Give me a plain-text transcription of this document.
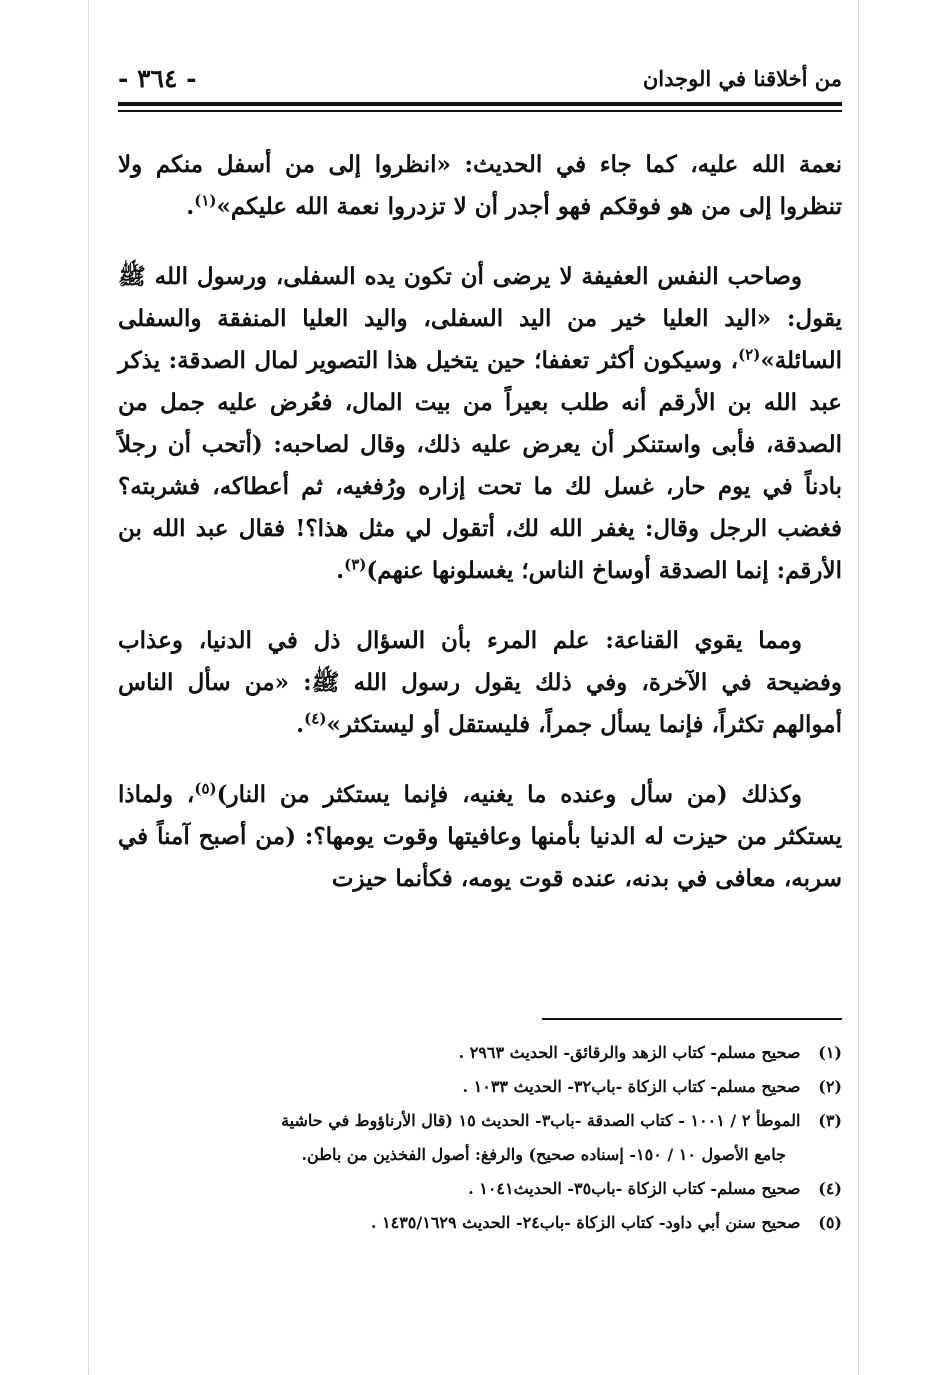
من أخلاقنا في الوجدان
- ٣٦٤ -

نعمة الله عليه، كما جاء في الحديث: «انظروا إلى من أسفل منكم ولا تنظروا إلى من هو فوقكم فهو أجدر أن لا تزدروا نعمة الله عليكم»$^{(١)}$.

وصاحب النفس العفيفة لا يرضى أن تكون يده السفلى، ورسول الله ﷺ يقول: «اليد العليا خير من اليد السفلى، واليد العليا المنفقة والسفلى السائلة»$^{(٢)}$، وسيكون أكثر تعففا؛ حين يتخيل هذا التصوير لمال الصدقة: يذكر عبد الله بن الأرقم أنه طلب بعيراً من بيت المال، فعُرض عليه جمل من الصدقة، فأبى واستنكر أن يعرض عليه ذلك، وقال لصاحبه: (أتحب أن رجلاً بادناً في يوم حار، غسل لك ما تحت إزاره ورُفغيه، ثم أعطاكه، فشربته؟ فغضب الرجل وقال: يغفر الله لك، أتقول لي مثل هذا؟! فقال عبد الله بن الأرقم: إنما الصدقة أوساخ الناس؛ يغسلونها عنهم)$^{(٣)}$.

ومما يقوي القناعة: علم المرء بأن السؤال ذل في الدنيا، وعذاب وفضيحة في الآخرة، وفي ذلك يقول رسول الله ﷺ: «من سأل الناس أموالهم تكثراً، فإنما يسأل جمراً، فليستقل أو ليستكثر»$^{(٤)}$.

وكذلك (من سأل وعنده ما يغنيه، فإنما يستكثر من النار)$^{(٥)}$، ولماذا يستكثر من حيزت له الدنيا بأمنها وعافيتها وقوت يومها؟: (من أصبح آمناً في سربه، معافى في بدنه، عنده قوت يومه، فكأنما حيزت

(١) صحيح مسلم- كتاب الزهد والرقائق- الحديث ٢٩٦٣ .
(٢) صحيح مسلم- كتاب الزكاة -باب٣٢- الحديث ١٠٣٣ .
(٣) الموطأ ٢ / ١٠٠١ - كتاب الصدقة -باب٣- الحديث ١٥ (قال الأرناؤوط في حاشية
جامع الأصول ١٠ / ١٥٠- إسناده صحيح) والرفغ: أصول الفخذين من باطن.
(٤) صحيح مسلم- كتاب الزكاة -باب٣٥- الحديث١٠٤١ .
(٥) صحيح سنن أبي داود- كتاب الزكاة -باب٢٤- الحديث ١٤٣٥/١٦٢٩ .
